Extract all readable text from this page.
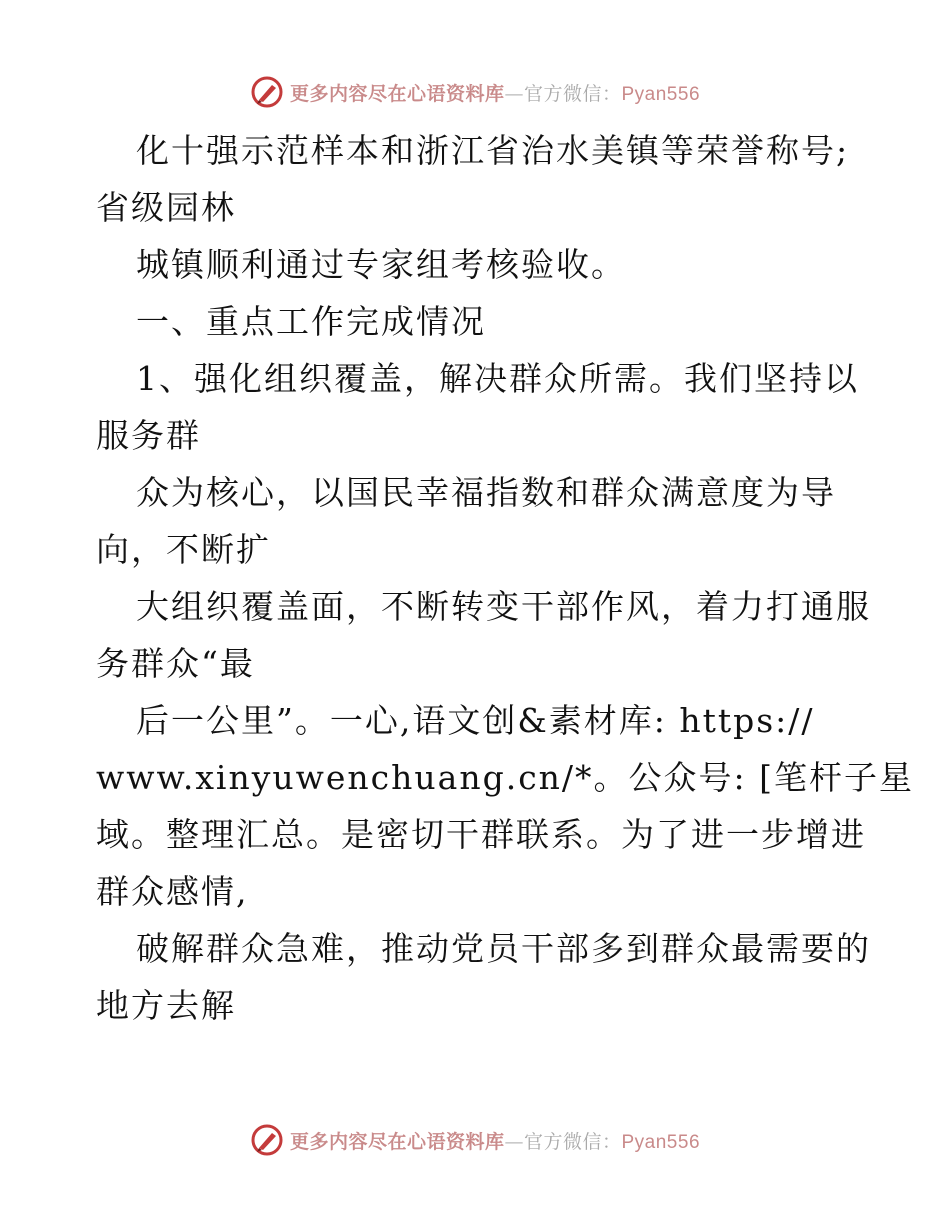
更多内容尽在心语资料库—官方微信：Pyan556
化十强示范样本和浙江省治水美镇等荣誉称号;
省级园林
城镇顺利通过专家组考核验收。
一、重点工作完成情况
1、强化组织覆盖，解决群众所需。我们坚持以
服务群
众为核心，以国民幸福指数和群众满意度为导
向，不断扩
大组织覆盖面，不断转变干部作风，着力打通服
务群众“最
后一公里”。一心,语文创&素材库: https://
www.xinyuwenchuang.cn/*。公众号: [笔杆子星
域。整理汇总。是密切干群联系。为了进一步增进
群众感情,
破解群众急难，推动党员干部多到群众最需要的
地方去解
更多内容尽在心语资料库—官方微信：Pyan556
